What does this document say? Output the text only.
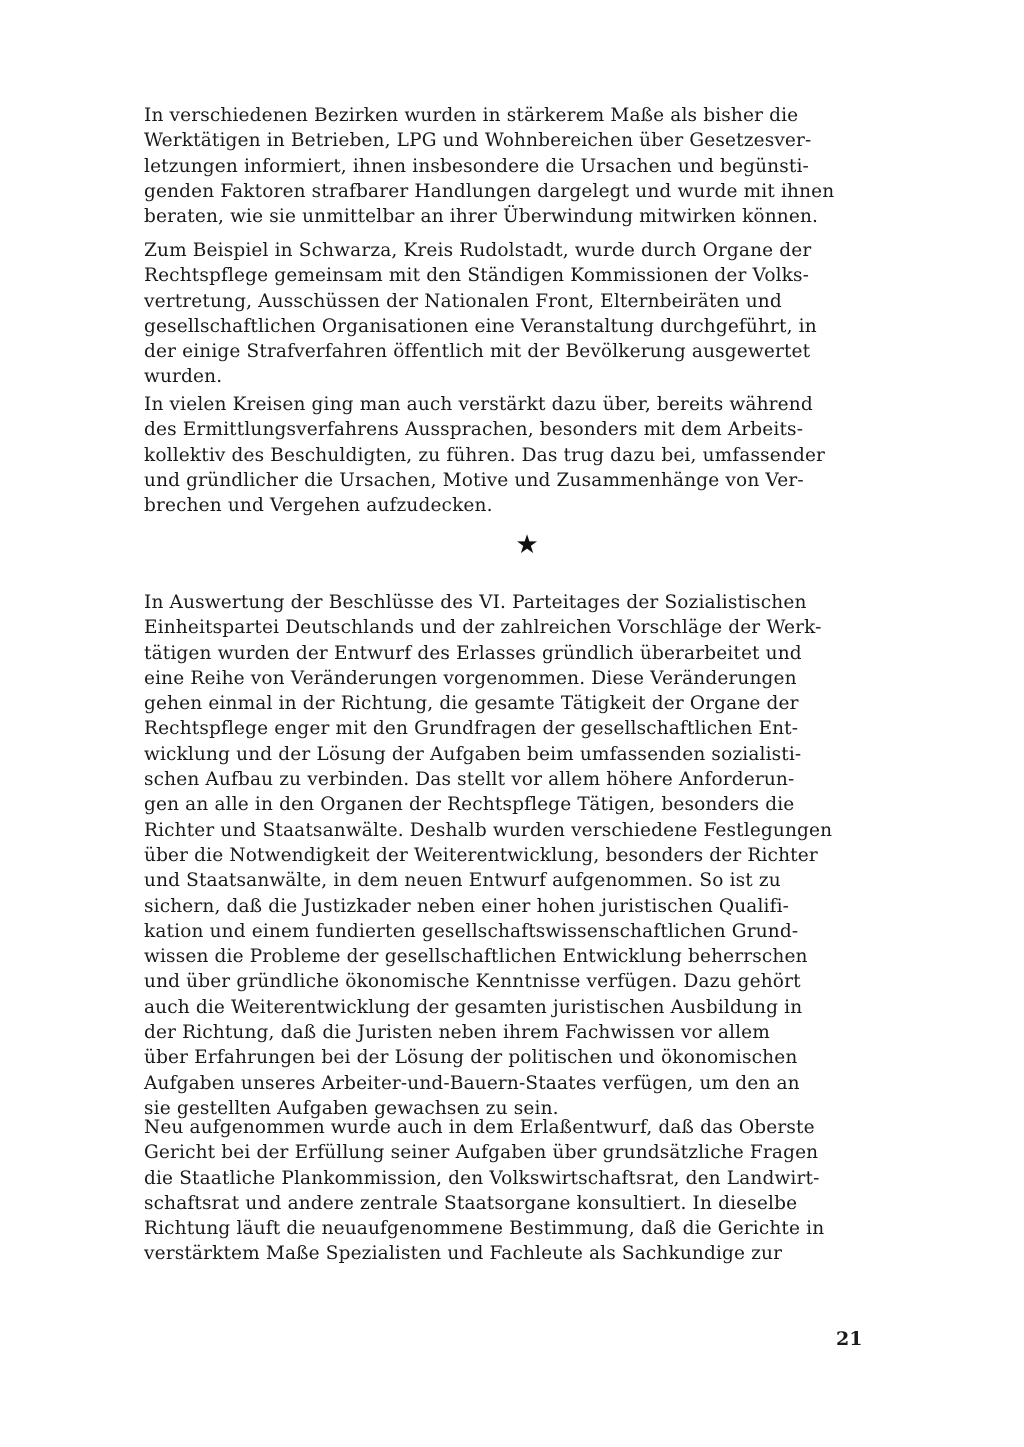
In verschiedenen Bezirken wurden in stärkerem Maße als bisher die
Werktätigen in Betrieben, LPG und Wohnbereichen über Gesetzesver-
letzungen informiert, ihnen insbesondere die Ursachen und begünsti-
genden Faktoren strafbarer Handlungen dargelegt und wurde mit ihnen
beraten, wie sie unmittelbar an ihrer Überwindung mitwirken können.
Zum Beispiel in Schwarza, Kreis Rudolstadt, wurde durch Organe der
Rechtspflege gemeinsam mit den Ständigen Kommissionen der Volks-
vertretung, Ausschüssen der Nationalen Front, Elternbeiräten und
gesellschaftlichen Organisationen eine Veranstaltung durchgeführt, in
der einige Strafverfahren öffentlich mit der Bevölkerung ausgewertet
wurden.
In vielen Kreisen ging man auch verstärkt dazu über, bereits während
des Ermittlungsverfahrens Aussprachen, besonders mit dem Arbeits-
kollektiv des Beschuldigten, zu führen. Das trug dazu bei, umfassender
und gründlicher die Ursachen, Motive und Zusammenhänge von Ver-
brechen und Vergehen aufzudecken.
★
In Auswertung der Beschlüsse des VI. Parteitages der Sozialistischen
Einheitspartei Deutschlands und der zahlreichen Vorschläge der Werk-
tätigen wurden der Entwurf des Erlasses gründlich überarbeitet und
eine Reihe von Veränderungen vorgenommen. Diese Veränderungen
gehen einmal in der Richtung, die gesamte Tätigkeit der Organe der
Rechtspflege enger mit den Grundfragen der gesellschaftlichen Ent-
wicklung und der Lösung der Aufgaben beim umfassenden sozialisti-
schen Aufbau zu verbinden. Das stellt vor allem höhere Anforderun-
gen an alle in den Organen der Rechtspflege Tätigen, besonders die
Richter und Staatsanwälte. Deshalb wurden verschiedene Festlegungen
über die Notwendigkeit der Weiterentwicklung, besonders der Richter
und Staatsanwälte, in dem neuen Entwurf aufgenommen. So ist zu
sichern, daß die Justizkader neben einer hohen juristischen Qualifi-
kation und einem fundierten gesellschaftswissenschaftlichen Grund-
wissen die Probleme der gesellschaftlichen Entwicklung beherrschen
und über gründliche ökonomische Kenntnisse verfügen. Dazu gehört
auch die Weiterentwicklung der gesamten juristischen Ausbildung in
der Richtung, daß die Juristen neben ihrem Fachwissen vor allem
über Erfahrungen bei der Lösung der politischen und ökonomischen
Aufgaben unseres Arbeiter-und-Bauern-Staates verfügen, um den an
sie gestellten Aufgaben gewachsen zu sein.
Neu aufgenommen wurde auch in dem Erlaßentwurf, daß das Oberste
Gericht bei der Erfüllung seiner Aufgaben über grundsätzliche Fragen
die Staatliche Plankommission, den Volkswirtschaftsrat, den Landwirt-
schaftsrat und andere zentrale Staatsorgane konsultiert. In dieselbe
Richtung läuft die neuaufgenommene Bestimmung, daß die Gerichte in
verstärktem Maße Spezialisten und Fachleute als Sachkundige zur
21
